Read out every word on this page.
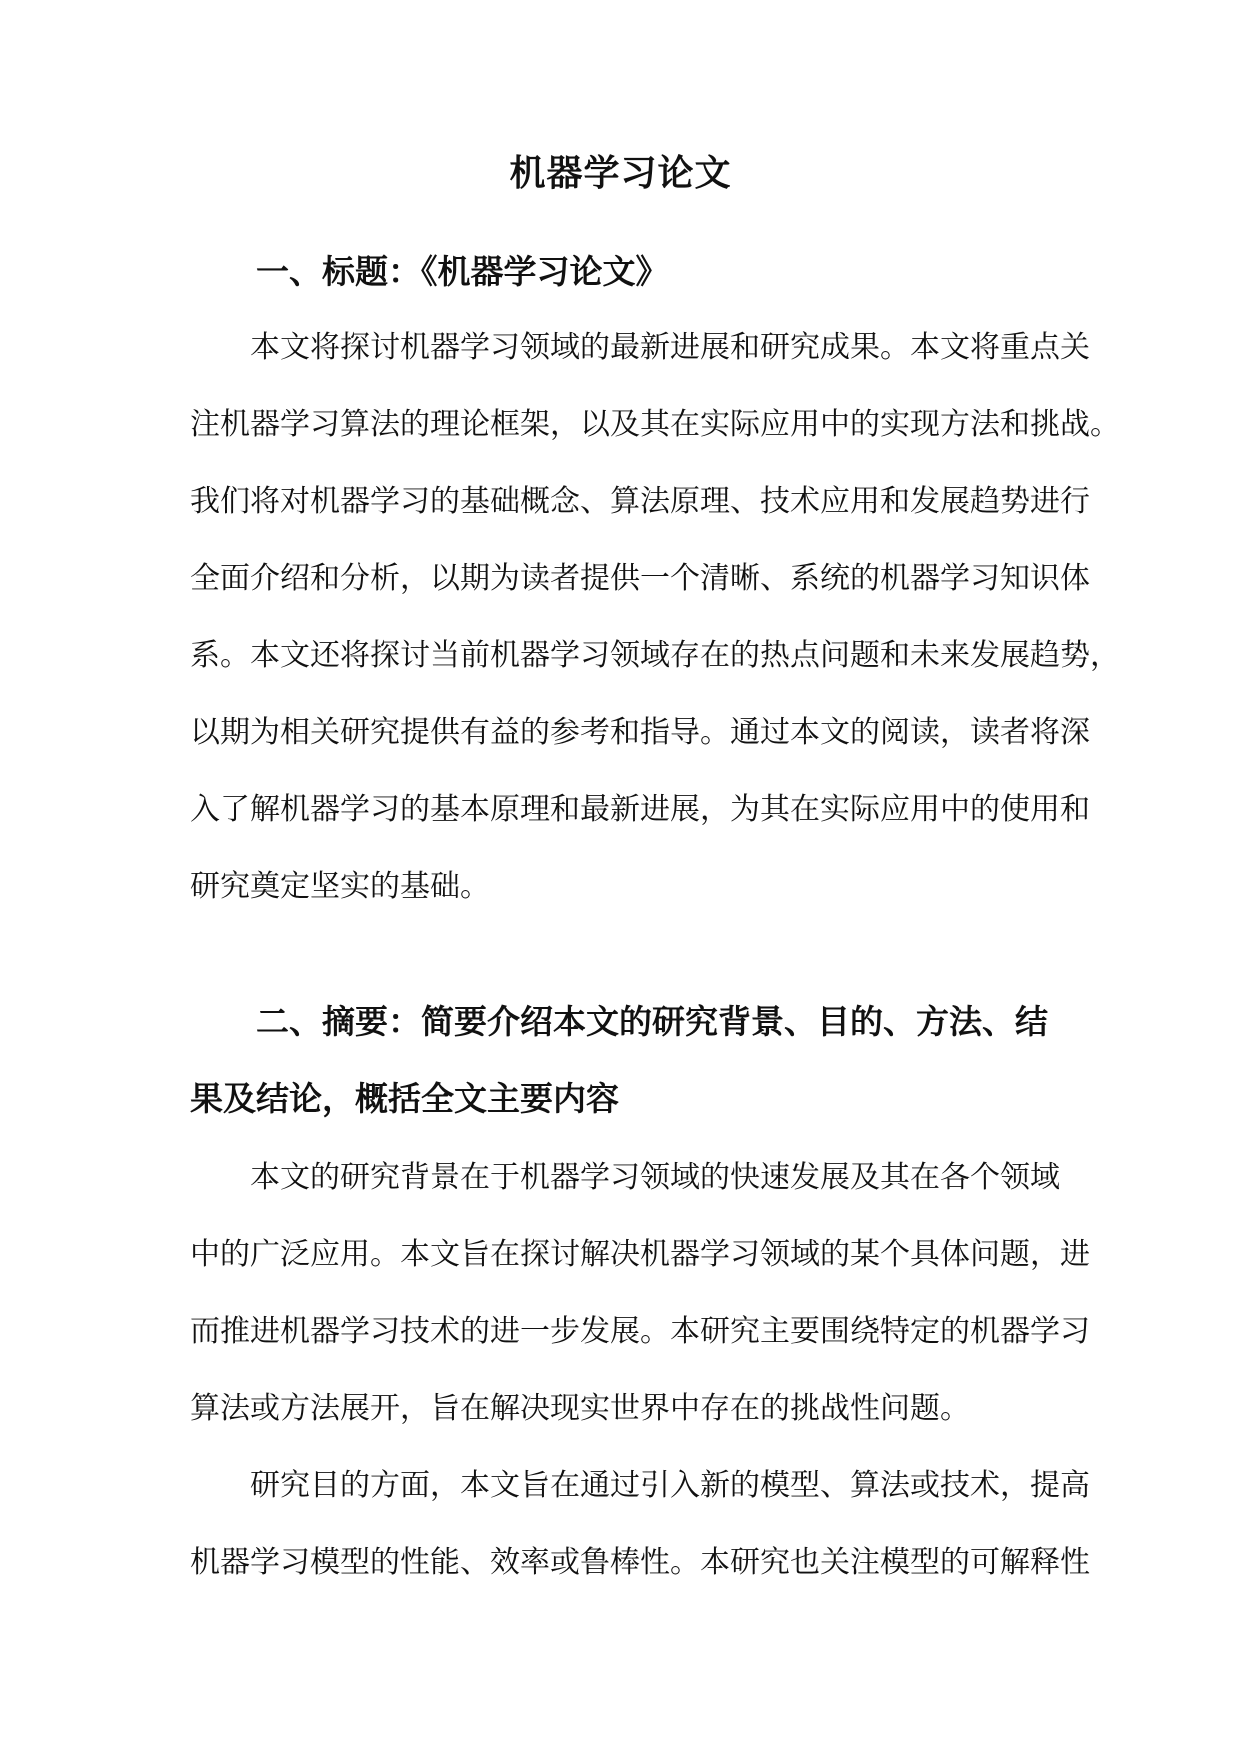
机器学习论文
一、标题：《机器学习论文》
本文将探讨机器学习领域的最新进展和研究成果。本文将重点关
注机器学习算法的理论框架，以及其在实际应用中的实现方法和挑战。
我们将对机器学习的基础概念、算法原理、技术应用和发展趋势进行
全面介绍和分析，以期为读者提供一个清晰、系统的机器学习知识体
系。本文还将探讨当前机器学习领域存在的热点问题和未来发展趋势，
以期为相关研究提供有益的参考和指导。通过本文的阅读，读者将深
入了解机器学习的基本原理和最新进展，为其在实际应用中的使用和
研究奠定坚实的基础。
二、摘要：简要介绍本文的研究背景、目的、方法、结
果及结论，概括全文主要内容
本文的研究背景在于机器学习领域的快速发展及其在各个领域
中的广泛应用。本文旨在探讨解决机器学习领域的某个具体问题，进
而推进机器学习技术的进一步发展。本研究主要围绕特定的机器学习
算法或方法展开，旨在解决现实世界中存在的挑战性问题。
研究目的方面，本文旨在通过引入新的模型、算法或技术，提高
机器学习模型的性能、效率或鲁棒性。本研究也关注模型的可解释性
